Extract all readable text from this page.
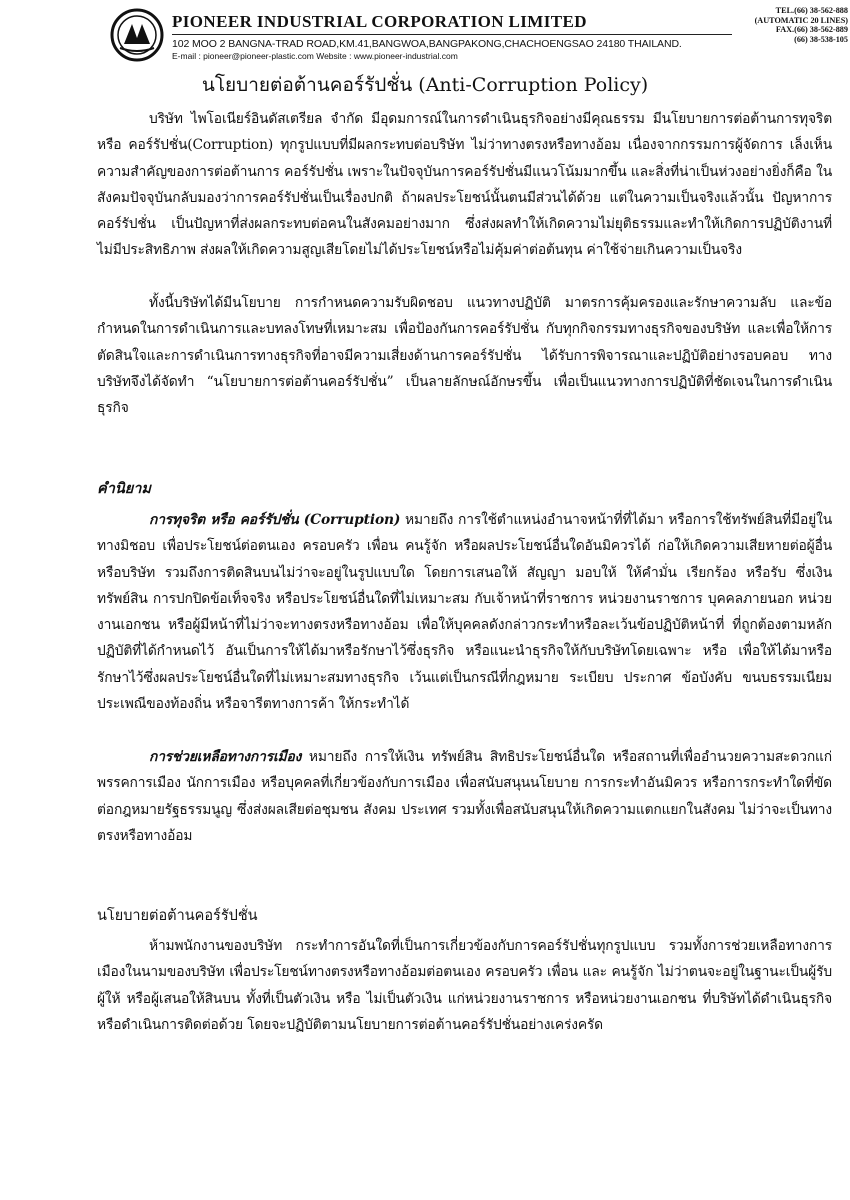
PIONEER INDUSTRIAL CORPORATION LIMITED
102 MOO 2 BANGNA-TRAD ROAD,KM.41,BANGWOA,BANGPAKONG,CHACHOENGSAO 24180 THAILAND.
E-mail : pioneer@pioneer-plastic.com Website : www.pioneer-industrial.com
TEL.(66) 38-562-888
(AUTOMATIC 20 LINES)
FAX.(66) 38-562-889
(66) 38-538-105
นโยบายต่อต้านคอร์รัปชั่น (Anti-Corruption Policy)

บริษัท ไพโอเนียร์อินดัสเตรียล จำกัด มีอุดมการณ์ในการดำเนินธุรกิจอย่างมีคุณธรรม มีนโยบายการต่อต้านการทุจริต หรือ คอร์รัปชั่น(Corruption) ทุกรูปแบบที่มีผลกระทบต่อบริษัท ไม่ว่าทางตรงหรือทางอ้อม เนื่องจากกรรมการผู้จัดการ เล็งเห็นความสำคัญของการต่อต้านการ คอร์รัปชั่น เพราะในปัจจุบันการคอร์รัปชั่นมีแนวโน้มมากขึ้น และสิ่งที่น่าเป็นห่วงอย่างยิ่งก็คือ ในสังคมปัจจุบันกลับมองว่าการคอร์รัปชั่นเป็นเรื่องปกติ ถ้าผลประโยชน์นั้นตนมีส่วนได้ด้วย แต่ในความเป็นจริงแล้วนั้น ปัญหาการคอร์รัปชั่น เป็นปัญหาที่ส่งผลกระทบต่อคนในสังคมอย่างมาก ซึ่งส่งผลทำให้เกิดความไม่ยุติธรรมและทำให้เกิดการปฏิบัติงานที่ไม่มีประสิทธิภาพ ส่งผลให้เกิดความสูญเสียโดยไม่ได้ประโยชน์หรือไม่คุ้มค่าต่อต้นทุน ค่าใช้จ่ายเกินความเป็นจริง

ทั้งนี้บริษัทได้มีนโยบาย การกำหนดความรับผิดชอบ แนวทางปฏิบัติ มาตรการคุ้มครองและรักษาความลับ และข้อกำหนดในการดำเนินการและบทลงโทษที่เหมาะสม เพื่อป้องกันการคอร์รัปชั่น กับทุกกิจกรรมทางธุรกิจของบริษัท และเพื่อให้การตัดสินใจและการดำเนินการทางธุรกิจที่อาจมีความเสี่ยงด้านการคอร์รัปชั่น ได้รับการพิจารณาและปฏิบัติอย่างรอบคอบ ทางบริษัทจึงได้จัดทำ “นโยบายการต่อต้านคอร์รัปชั่น” เป็นลายลักษณ์อักษรขึ้น เพื่อเป็นแนวทางการปฏิบัติที่ชัดเจนในการดำเนินธุรกิจ

คำนิยาม

การทุจริต หรือ คอร์รัปชั่น (Corruption) หมายถึง การใช้ตำแหน่งอำนาจหน้าที่ที่ได้มา หรือการใช้ทรัพย์สินที่มีอยู่ในทางมิชอบ เพื่อประโยชน์ต่อตนเอง ครอบครัว เพื่อน คนรู้จัก หรือผลประโยชน์อื่นใดอันมิควรได้ ก่อให้เกิดความเสียหายต่อผู้อื่นหรือบริษัท รวมถึงการติดสินบนไม่ว่าจะอยู่ในรูปแบบใด โดยการเสนอให้ สัญญา มอบให้ ให้คำมั่น เรียกร้อง หรือรับ ซึ่งเงิน ทรัพย์สิน การปกปิดข้อเท็จจริง หรือประโยชน์อื่นใดที่ไม่เหมาะสม กับเจ้าหน้าที่ราชการ หน่วยงานราชการ บุคคลภายนอก หน่วยงานเอกชน หรือผู้มีหน้าที่ไม่ว่าจะทางตรงหรือทางอ้อม เพื่อให้บุคคลดังกล่าวกระทำหรือละเว้นข้อปฏิบัติหน้าที่ ที่ถูกต้องตามหลักปฏิบัติที่ได้กำหนดไว้ อันเป็นการให้ได้มาหรือรักษาไว้ซึ่งธุรกิจ หรือแนะนำธุรกิจให้กับบริษัทโดยเฉพาะ หรือ เพื่อให้ได้มาหรือรักษาไว้ซึ่งผลประโยชน์อื่นใดที่ไม่เหมาะสมทางธุรกิจ เว้นแต่เป็นกรณีที่กฎหมาย ระเบียบ ประกาศ ข้อบังคับ ขนบธรรมเนียม ประเพณีของท้องถิ่น หรือจารีตทางการค้า ให้กระทำได้

การช่วยเหลือทางการเมือง หมายถึง การให้เงิน ทรัพย์สิน สิทธิประโยชน์อื่นใด หรือสถานที่เพื่ออำนวยความสะดวกแก่พรรคการเมือง นักการเมือง หรือบุคคลที่เกี่ยวข้องกับการเมือง เพื่อสนับสนุนนโยบาย การกระทำอันมิควร หรือการกระทำใดที่ขัดต่อกฎหมายรัฐธรรมนูญ ซึ่งส่งผลเสียต่อชุมชน สังคม ประเทศ รวมทั้งเพื่อสนับสนุนให้เกิดความแตกแยกในสังคม ไม่ว่าจะเป็นทางตรงหรือทางอ้อม

นโยบายต่อต้านคอร์รัปชั่น

ห้ามพนักงานของบริษัท กระทำการอันใดที่เป็นการเกี่ยวข้องกับการคอร์รัปชั่นทุกรูปแบบ รวมทั้งการช่วยเหลือทางการเมืองในนามของบริษัท เพื่อประโยชน์ทางตรงหรือทางอ้อมต่อตนเอง ครอบครัว เพื่อน และ คนรู้จัก ไม่ว่าตนจะอยู่ในฐานะเป็นผู้รับ ผู้ให้ หรือผู้เสนอให้สินบน ทั้งที่เป็นตัวเงิน หรือ ไม่เป็นตัวเงิน แก่หน่วยงานราชการ หรือหน่วยงานเอกชน ที่บริษัทได้ดำเนินธุรกิจหรือดำเนินการติดต่อด้วย โดยจะปฏิบัติตามนโยบายการต่อต้านคอร์รัปชั่นอย่างเคร่งครัด
